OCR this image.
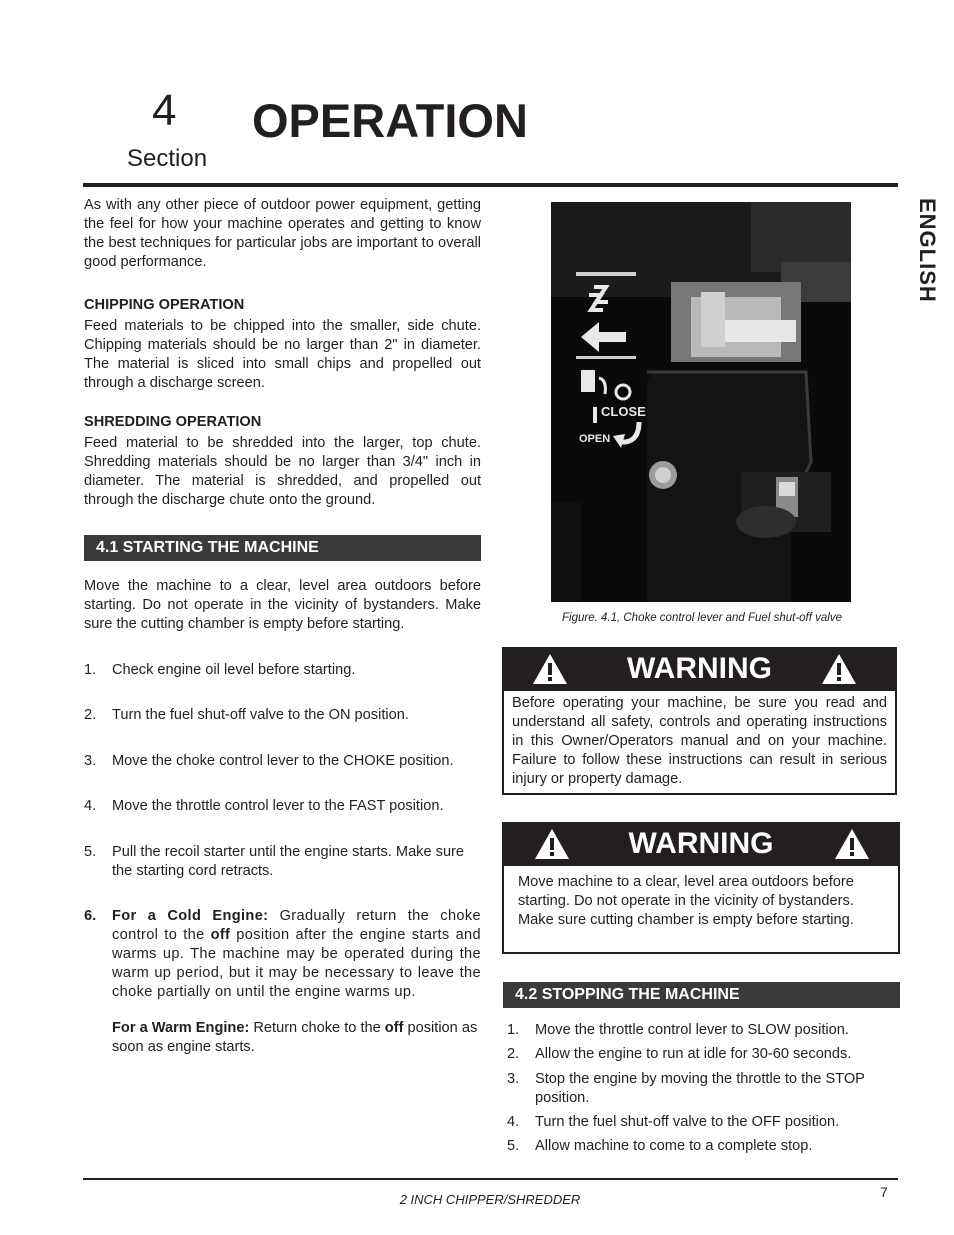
4 OPERATION
Section
ENGLISH

As with any other piece of outdoor power equipment, getting the feel for how your machine operates and getting to know the best techniques for particular jobs are important to overall good performance.

CHIPPING OPERATION

Feed materials to be chipped into the smaller, side chute. Chipping materials should be no larger than 2" in diameter. The material is sliced into small chips and propelled out through a discharge screen.

SHREDDING OPERATION

Feed material to be shredded into the larger, top chute. Shredding materials should be no larger than 3/4" inch in diameter. The material is shredded, and propelled out through the discharge chute onto the ground.

4.1 STARTING THE MACHINE

Move the machine to a clear, level area outdoors before starting. Do not operate in the vicinity of bystanders. Make sure the cutting chamber is empty before starting.

1.	Check engine oil level before starting.
2.	Turn the fuel shut-off valve to the ON position.
3.	Move the choke control lever to the CHOKE position.
4.	Move the throttle control lever to the FAST position.
5.	Pull the recoil starter until the engine starts. Make sure the starting cord retracts.
6.	For a Cold Engine: Gradually return the choke control to the off position after the engine starts and warms up. The machine may be operated during the warm up period, but it may be necessary to leave the choke partially on until the engine warms up.
For a Warm Engine: Return choke to the off position as soon as engine starts.
CLOSE
OPEN
Figure. 4.1, Choke control lever and Fuel shut-off valve
WARNING
Before operating your machine, be sure you read and understand all safety, controls and operating instructions in this Owner/Operators manual and on your machine. Failure to follow these instructions can result in serious injury or property damage.
WARNING
Move machine to a clear, level area outdoors before starting. Do not operate in the vicinity of bystanders. Make sure cutting chamber is empty before starting.
4.2 STOPPING THE MACHINE
1. Move the throttle control lever to SLOW position.
2. Allow the engine to run at idle for 30-60 seconds.
3. Stop the engine by moving the throttle to the STOP position.
4. Turn the fuel shut-off valve to the OFF position.
5. Allow machine to come to a complete stop.
2 INCH CHIPPER/SHREDDER	7
